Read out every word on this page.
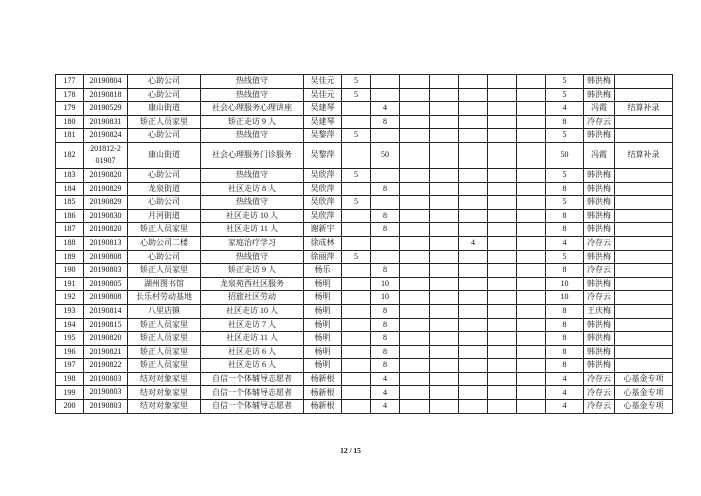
177	20190804	心助公司	热线值守	吴佳元	5							5	韩洪梅	
178	20190818	心助公司	热线值守	吴佳元	5							5	韩洪梅	
179	20190529	康山街道	社会心理服务心理讲座	吴建琴		4						4	冯霞	结算补录
180	20190831	矫正人员家里	矫正走访 9 人	吴建琴		8						8	冷存云	
181	20190824	心助公司	热线值守	吴黎萍	5							5	韩洪梅	
182	201812-201907	康山街道	社会心理服务门诊服务	吴黎萍		50						50	冯霞	结算补录
183	20190820	心助公司	热线值守	吴欣萍	5							5	韩洪梅	
184	20190829	龙泉街道	社区走访 8 人	吴欣萍		8						8	韩洪梅	
185	20190829	心助公司	热线值守	吴欣萍	5							5	韩洪梅	
186	20190830	月河街道	社区走访 10 人	吴欣萍		8						8	韩洪梅	
187	20190820	矫正人员家里	社区走访 11 人	谢新宇		8						8	韩洪梅	
188	20190813	心助公司二楼	家庭治疗学习	徐成林					4			4	冷存云	
189	20190808	心助公司	热线值守	徐丽萍	5							5	韩洪梅	
190	20190803	矫正人员家里	矫正走访 9 人	杨乐		8						8	冷存云	
191	20190805	湖州图书馆	龙泉苑西社区服务	杨明		10						10	韩洪梅	
192	20190808	长乐村劳动基地	招旅社区劳动	杨明		10						10	冷存云	
193	20190814	八里店镇	社区走访 10 人	杨明		8						8	王庆梅	
194	20190815	矫正人员家里	社区走访 7 人	杨明		8						8	韩洪梅	
195	20190820	矫正人员家里	社区走访 11 人	杨明		8						8	韩洪梅	
196	20190821	矫正人员家里	社区走访 6 人	杨明		8						8	韩洪梅	
197	20190822	矫正人员家里	社区走访 6 人	杨明		8						8	韩洪梅	
198	20190803	结对对象家里	自信一个体辅导志愿者	杨新根		4						4	冷存云	心基金专项
199	20190803	结对对象家里	自信一个体辅导志愿者	杨新根		4						4	冷存云	心基金专项
200	20190803	结对对象家里	自信一个体辅导志愿者	杨新根		4						4	冷存云	心基金专项
12 / 15
